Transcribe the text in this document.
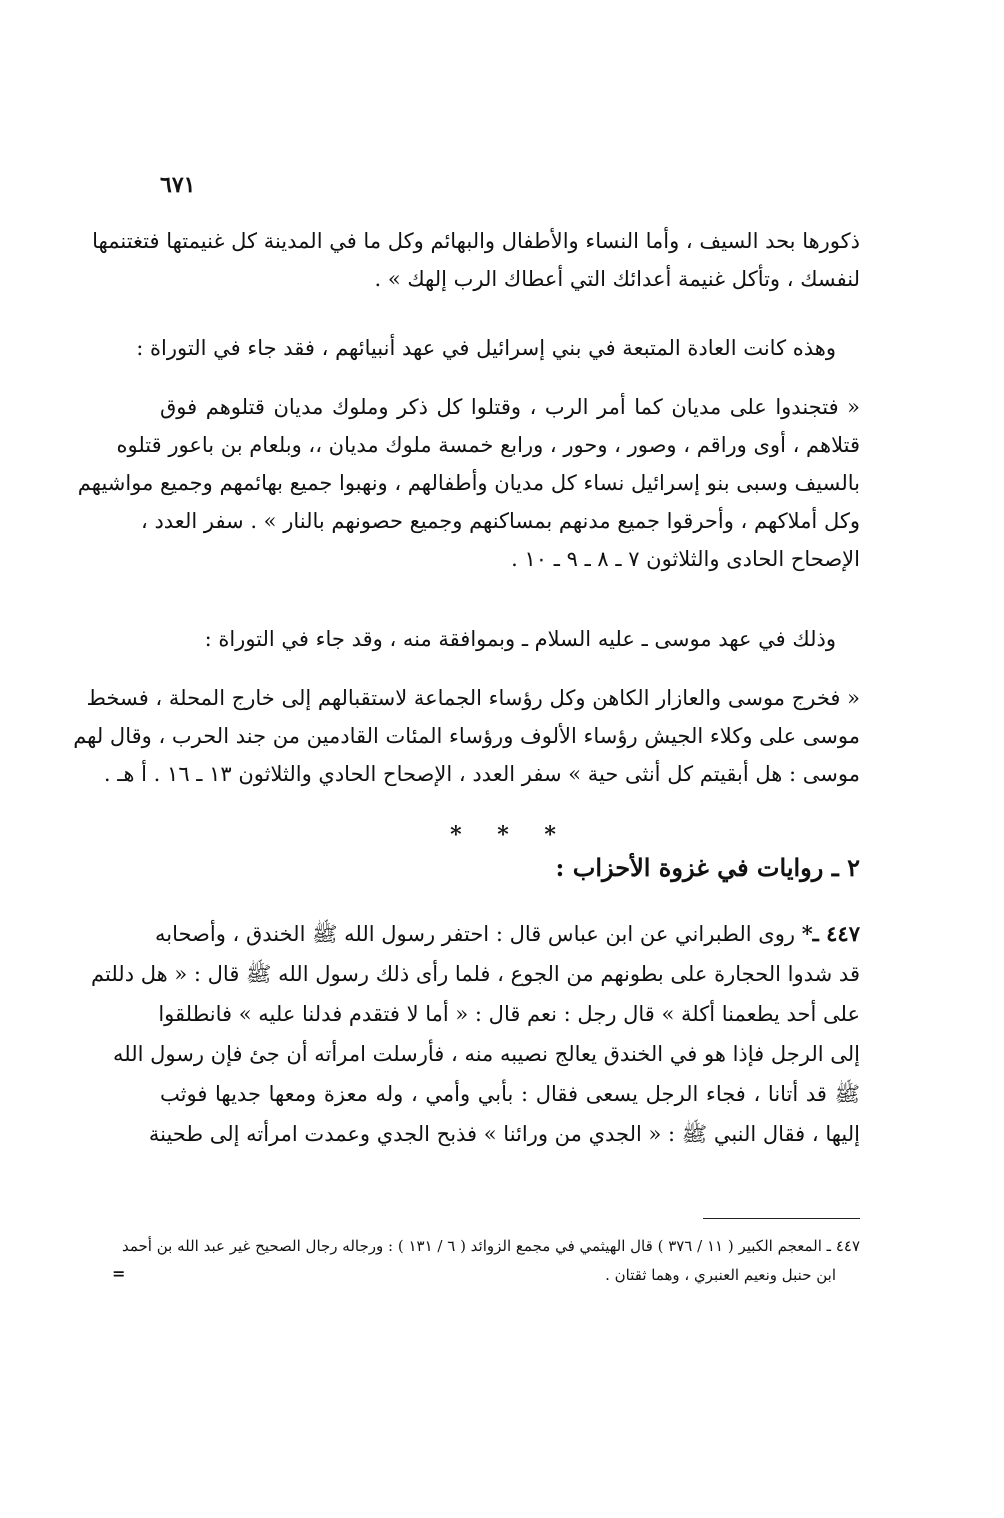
٦٧١
ذكورها بحد السيف ، وأما النساء والأطفال والبهائم وكل ما في المدينة كل غنيمتها فتغتنمها
لنفسك ، وتأكل غنيمة أعدائك التي أعطاك الرب إلهك » .
وهذه كانت العادة المتبعة في بني إسرائيل في عهد أنبيائهم ، فقد جاء في التوراة :
« فتجندوا على مديان كما أمر الرب ، وقتلوا كل ذكر وملوك مديان قتلوهم فوق
قتلاهم ، أوى وراقم ، وصور ، وحور ، ورابع خمسة ملوك مديان ،، وبلعام بن باعور قتلوه
بالسيف وسبى بنو إسرائيل نساء كل مديان وأطفالهم ، ونهبوا جميع بهائمهم وجميع مواشيهم
وكل أملاكهم ، وأحرقوا جميع مدنهم بمساكنهم وجميع حصونهم بالنار » . سفر العدد ،
الإصحاح الحادى والثلاثون ٧ ـ ٨ ـ ٩ ـ ١٠ .
وذلك في عهد موسى ـ عليه السلام ـ وبموافقة منه ، وقد جاء في التوراة :
« فخرج موسى والعازار الكاهن وكل رؤساء الجماعة لاستقبالهم إلى خارج المحلة ، فسخط
موسى على وكلاء الجيش رؤساء الألوف ورؤساء المئات القادمين من جند الحرب ، وقال لهم
موسى : هل أبقيتم كل أنثى حية » سفر العدد ، الإصحاح الحادي والثلاثون ١٣ ـ ١٦ . أ هـ .
* * *
٢ ـ روايات في غزوة الأحزاب :
٤٤٧ ـ* روى الطبراني عن ابن عباس قال : احتفر رسول الله ﷺ الخندق ، وأصحابه
قد شدوا الحجارة على بطونهم من الجوع ، فلما رأى ذلك رسول الله ﷺ قال : « هل دللتم
على أحد يطعمنا أكلة » قال رجل : نعم قال : « أما لا فتقدم فدلنا عليه » فانطلقوا
إلى الرجل فإذا هو في الخندق يعالج نصيبه منه ، فأرسلت امرأته أن جئ فإن رسول الله
ﷺ قد أتانا ، فجاء الرجل يسعى فقال : بأبي وأمي ، وله معزة ومعها جديها فوثب
إليها ، فقال النبي ﷺ : « الجدي من ورائنا » فذبح الجدي وعمدت امرأته إلى طحينة
٤٤٧ ـ المعجم الكبير ( ١١ / ٣٧٦ ) قال الهيثمي في مجمع الزوائد ( ٦ / ١٣١ ) : ورجاله رجال الصحيح غير عبد الله بن أحمد
ابن حنبل ونعيم العنبري ، وهما ثقتان .
=
